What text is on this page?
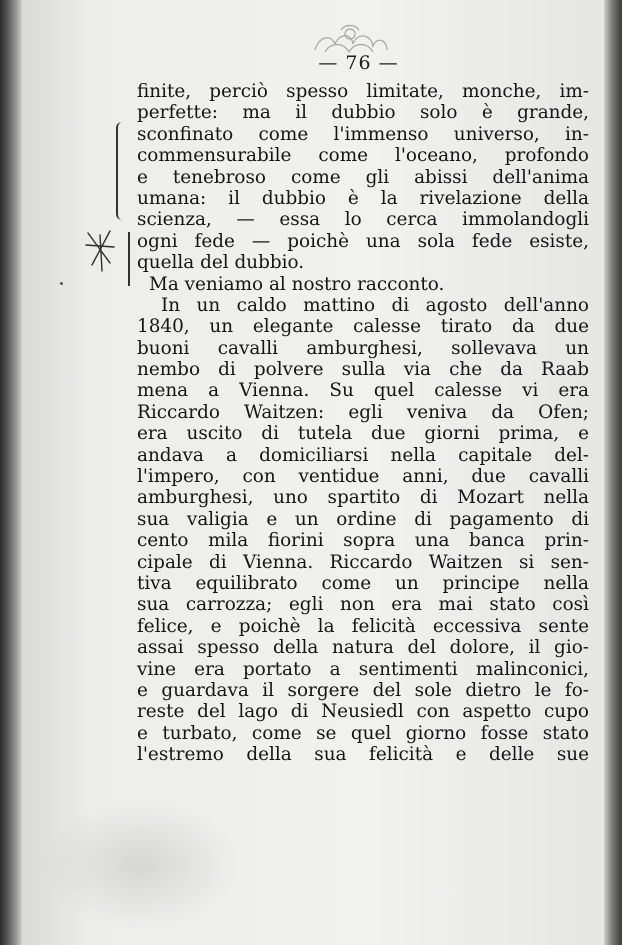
— 76 —
finite, perciò spesso limitate, monche, im-
perfette: ma il dubbio solo è grande,
sconfinato come l'immenso universo, in-
commensurabile come l'oceano, profondo
e tenebroso come gli abissi dell'anima
umana: il dubbio è la rivelazione della
scienza, — essa lo cerca immolandogli
ogni fede — poichè una sola fede esiste,
quella del dubbio.
Ma veniamo al nostro racconto.
In un caldo mattino di agosto dell'anno
1840, un elegante calesse tirato da due
buoni cavalli amburghesi, sollevava un
nembo di polvere sulla via che da Raab
mena a Vienna. Su quel calesse vi era
Riccardo Waitzen: egli veniva da Ofen;
era uscito di tutela due giorni prima, e
andava a domiciliarsi nella capitale del-
l'impero, con ventidue anni, due cavalli
amburghesi, uno spartito di Mozart nella
sua valigia e un ordine di pagamento di
cento mila fiorini sopra una banca prin-
cipale di Vienna. Riccardo Waitzen si sen-
tiva equilibrato come un principe nella
sua carrozza; egli non era mai stato così
felice, e poichè la felicità eccessiva sente
assai spesso della natura del dolore, il gio-
vine era portato a sentimenti malinconici,
e guardava il sorgere del sole dietro le fo-
reste del lago di Neusiedl con aspetto cupo
e turbato, come se quel giorno fosse stato
l'estremo della sua felicità e delle sue
